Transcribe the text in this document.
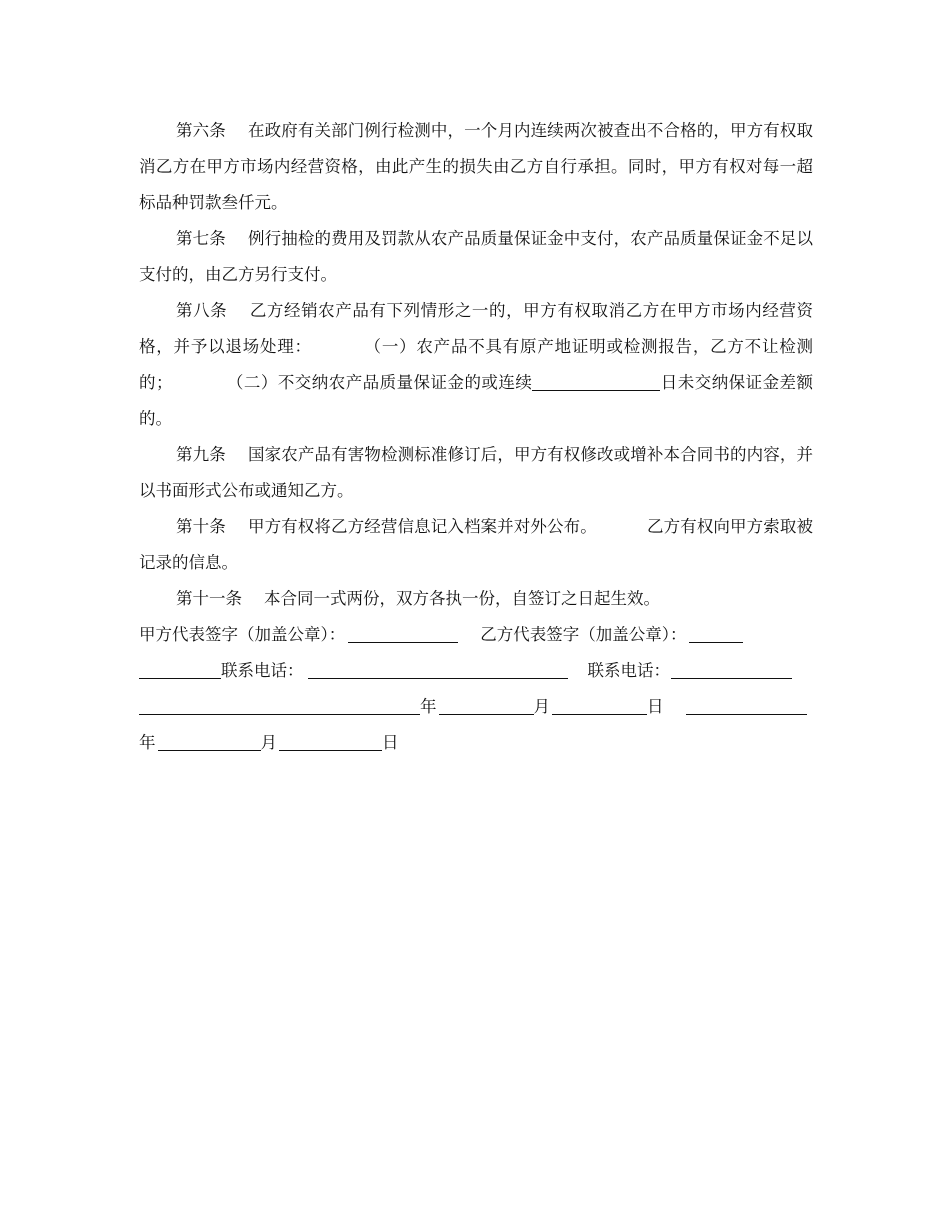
第六条 在政府有关部门例行检测中，一个月内连续两次被查出不合格的，甲方有权取消乙方在甲方市场内经营资格，由此产生的损失由乙方自行承担。同时，甲方有权对每一超标品种罚款叁仟元。

第七条 例行抽检的费用及罚款从农产品质量保证金中支付，农产品质量保证金不足以支付的，由乙方另行支付。

第八条 乙方经销农产品有下列情形之一的，甲方有权取消乙方在甲方市场内经营资格，并予以退场处理：	（一）农产品不具有原产地证明或检测报告，乙方不让检测的；	（二）不交纳农产品质量保证金的或连续	日未交纳保证金差额的。

第九条 国家农产品有害物检测标准修订后，甲方有权修改或增补本合同书的内容，并以书面形式公布或通知乙方。

第十条 甲方有权将乙方经营信息记入档案并对外公布。	乙方有权向甲方索取被记录的信息。

第十一条 本合同一式两份，双方各执一份，自签订之日起生效。

甲方代表签字（加盖公章）：	乙方代表签字（加盖公章）：

联系电话：	联系电话：

年	月	日

年	月	日
